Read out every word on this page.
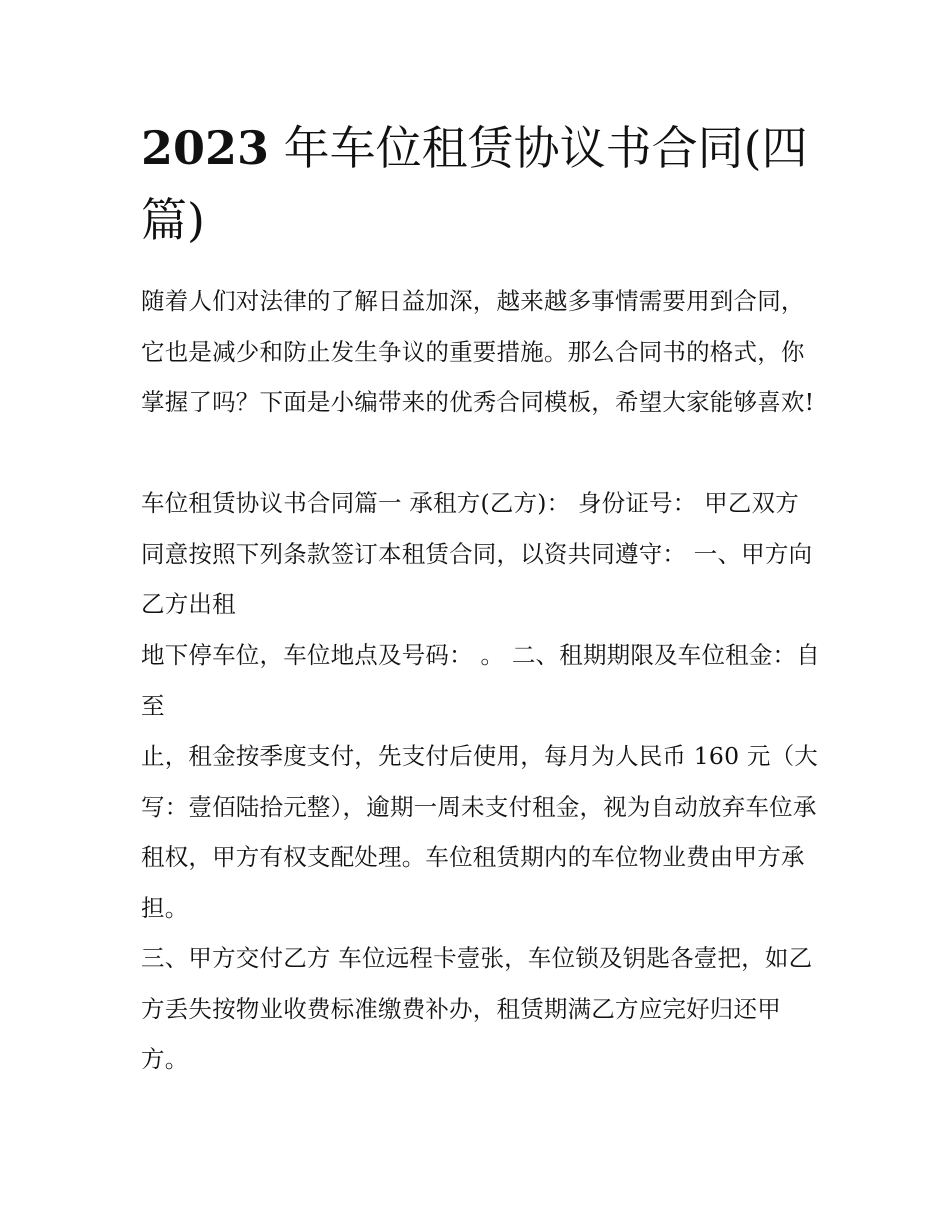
2023 年车位租赁协议书合同(四篇)

随着人们对法律的了解日益加深，越来越多事情需要用到合同，它也是减少和防止发生争议的重要措施。那么合同书的格式，你掌握了吗？下面是小编带来的优秀合同模板，希望大家能够喜欢!

车位租赁协议书合同篇一 承租方(乙方)： 身份证号： 甲乙双方同意按照下列条款签订本租赁合同，以资共同遵守： 一、甲方向乙方出租

地下停车位，车位地点及号码： 。 二、租期期限及车位租金：自至

止，租金按季度支付，先支付后使用，每月为人民币 160 元（大写：壹佰陆拾元整），逾期一周未支付租金，视为自动放弃车位承租权，甲方有权支配处理。车位租赁期内的车位物业费由甲方承担。

三、甲方交付乙方 车位远程卡壹张，车位锁及钥匙各壹把，如乙方丢失按物业收费标准缴费补办，租赁期满乙方应完好归还甲方。
